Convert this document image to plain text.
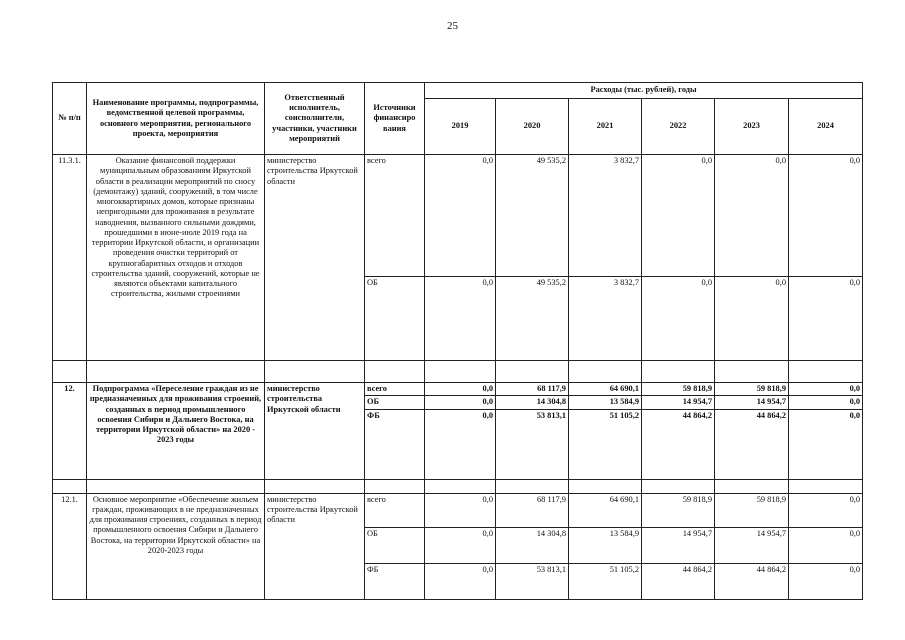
25
№ п/п	Наименование программы, подпрограммы, ведомственной целевой программы, основного мероприятия, регионального проекта, мероприятия	Ответственный исполнитель, соисполнители, участники, участники мероприятий	Источники финансиро вания	Расходы (тыс. рублей), годы					
				2019	2020	2021	2022	2023	2024
11.3.1.	Оказание финансовой поддержки муниципальным образованиям Иркутской области в реализации мероприятий по сносу (демонтажу) зданий, сооружений, в том числе многоквартирных домов, которые признаны непригодными для проживания в результате наводнения, вызванного сильными дождями, прошедшими в июне-июле 2019 года на территории Иркутской области, и организации проведения очистки территорий от крупногабаритных отходов и отходов строительства зданий, сооружений, которые не являются объектами капитального строительства, жилыми строениями	министерство строительства Иркутской области	всего	0,0	49 535,2	3 832,7	0,0	0,0	0,0
			ОБ	0,0	49 535,2	3 832,7	0,0	0,0	0,0

12.	Подпрограмма «Переселение граждан из не предназначенных для проживания строений, созданных в период промышленного освоения Сибири и Дальнего Востока, на территории Иркутской области» на 2020 - 2023 годы	министерство строительства Иркутской области	всего	0,0	68 117,9	64 690,1	59 818,9	59 818,9	0,0
			ОБ	0,0	14 304,8	13 584,9	14 954,7	14 954,7	0,0
			ФБ	0,0	53 813,1	51 105,2	44 864,2	44 864,2	0,0

12.1.	Основное мероприятие «Обеспечение жильем граждан, проживающих в не предназначенных для проживания строениях, созданных в период промышленного освоения Сибири и Дальнего Востока, на территории Иркутской области» на 2020-2023 годы	министерство строительства Иркутской области	всего	0,0	68 117,9	64 690,1	59 818,9	59 818,9	0,0
			ОБ	0,0	14 304,8	13 584,9	14 954,7	14 954,7	0,0
			ФБ	0,0	53 813,1	51 105,2	44 864,2	44 864,2	0,0
